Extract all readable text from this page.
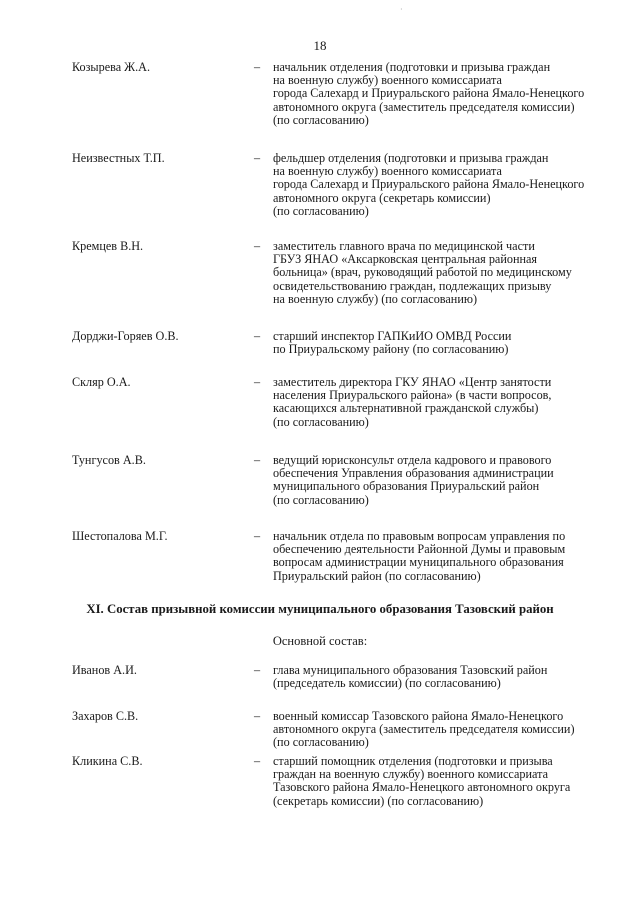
·
18
Козырева Ж.А.	– начальник отделения (подготовки и призыва граждан
на военную службу) военного комиссариата
города Салехард и Приуральского района Ямало-Ненецкого
автономного округа (заместитель председателя комиссии)
(по согласованию)
Неизвестных Т.П.	– фельдшер отделения (подготовки и призыва граждан
на военную службу) военного комиссариата
города Салехард и Приуральского района Ямало-Ненецкого
автономного округа (секретарь комиссии)
(по согласованию)
Кремцев В.Н.	– заместитель главного врача по медицинской части
ГБУЗ ЯНАО «Аксарковская центральная районная
больница» (врач, руководящий работой по медицинскому
освидетельствованию граждан, подлежащих призыву
на военную службу) (по согласованию)
Дорджи-Горяев О.В.	– старший инспектор ГАПКиИО ОМВД России
по Приуральскому району (по согласованию)
Скляр О.А.	– заместитель директора ГКУ ЯНАО «Центр занятости
населения Приуральского района» (в части вопросов,
касающихся альтернативной гражданской службы)
(по согласованию)
Тунгусов А.В.	– ведущий юрисконсульт отдела кадрового и правового
обеспечения Управления образования администрации
муниципального образования Приуральский район
(по согласованию)
Шестопалова М.Г.	– начальник отдела по правовым вопросам управления по
обеспечению деятельности Районной Думы и правовым
вопросам администрации муниципального образования
Приуральский район (по согласованию)
XI. Состав призывной комиссии муниципального образования Тазовский район
Основной состав:
Иванов А.И.	– глава муниципального образования Тазовский район
(председатель комиссии) (по согласованию)
Захаров С.В.	– военный комиссар Тазовского района Ямало-Ненецкого
автономного округа (заместитель председателя комиссии)
(по согласованию)
Кликина С.В.	– старший помощник отделения (подготовки и призыва
граждан на военную службу) военного комиссариата
Тазовского района Ямало-Ненецкого автономного округа
(секретарь комиссии) (по согласованию)
